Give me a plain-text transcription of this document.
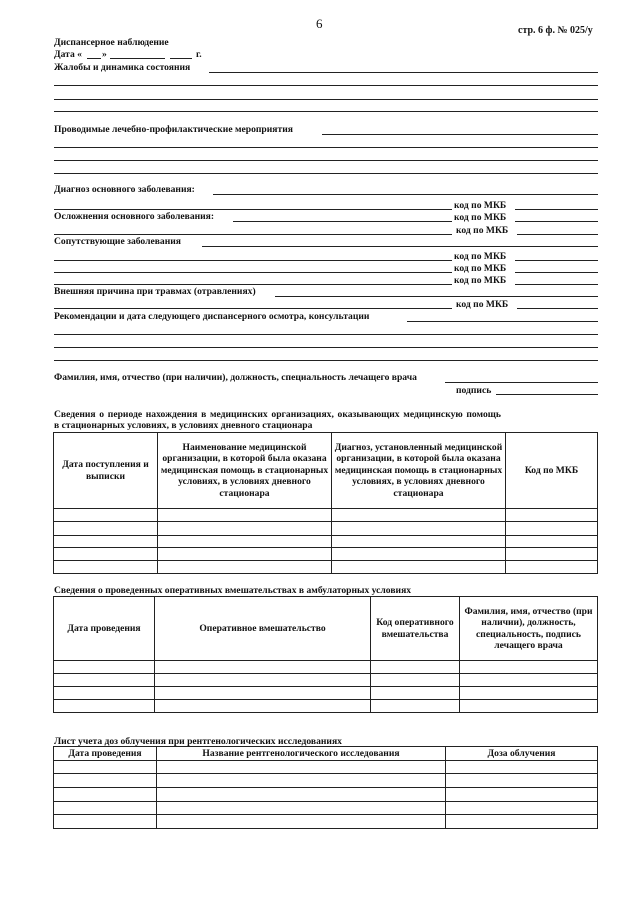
6	стр. 6 ф. № 025/у
Диспансерное наблюдение
Дата « »	г.
Жалобы и динамика состояния
Проводимые лечебно-профилактические мероприятия
Диагноз основного заболевания:
код по МКБ
Осложнения основного заболевания:	код по МКБ
код по МКБ
Сопутствующие заболевания
код по МКБ
код по МКБ
код по МКБ
Внешняя причина при травмах (отравлениях)
код по МКБ
Рекомендации и дата следующего диспансерного осмотра, консультации
Фамилия, имя, отчество (при наличии), должность, специальность лечащего врача
подпись
Сведения о периоде нахождения в медицинских организациях, оказывающих медицинскую помощь
в стационарных условиях, в условиях дневного стационара
Дата поступления и выписки	Наименование медицинской организации, в которой была оказана медицинская помощь в стационарных условиях, в условиях дневного стационара	Диагноз, установленный медицинской организации, в которой была оказана медицинская помощь в стационарных условиях, в условиях дневного стационара	Код по МКБ

Сведения о проведенных оперативных вмешательствах в амбулаторных условиях
Дата проведения	Оперативное вмешательство	Код оперативного вмешательства	Фамилия, имя, отчество (при наличии), должность, специальность, подпись лечащего врача

Лист учета доз облучения при рентгенологических исследованиях
Дата проведения	Название рентгенологического исследования	Доза облучения
